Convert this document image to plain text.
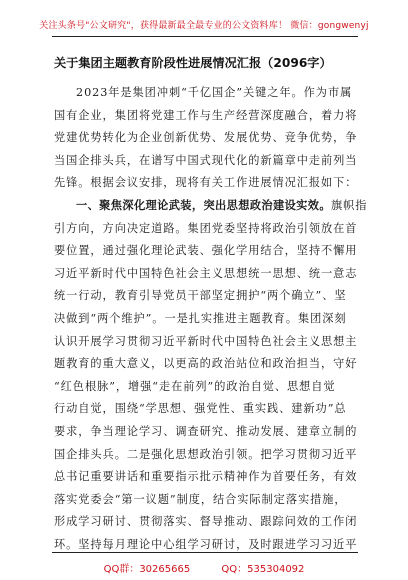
关注头条号"公文研究"，获得最新最全最专业的公文资料库！ 微信：gongwenyj
关于集团主题教育阶段性进展情况汇报（2096字）
2023年是集团冲刺“千亿国企”关键之年。作为市属
国有企业，集团将党建工作与生产经营深度融合，着力将
党建优势转化为企业创新优势、发展优势、竞争优势，争
当国企排头兵，在谱写中国式现代化的新篇章中走前列当
先锋。根据会议安排，现将有关工作进展情况汇报如下：
一、聚焦深化理论武装，突出思想政治建设实效。旗帜指
引方向，方向决定道路。集团党委坚持将政治引领放在首
要位置，通过强化理论武装、强化学用结合，坚持不懈用
习近平新时代中国特色社会主义思想统一思想、统一意志
统一行动，教育引导党员干部坚定拥护“两个确立”、坚
决做到“两个维护”。一是扎实推进主题教育。集团深刻
认识开展学习贯彻习近平新时代中国特色社会主义思想主
题教育的重大意义，以更高的政治站位和政治担当，守好
“红色根脉”，增强“走在前列”的政治自觉、思想自觉
行动自觉，围绕“学思想、强党性、重实践、建新功”总
要求，争当理论学习、调查研究、推动发展、建章立制的
国企排头兵。二是强化思想政治引领。把学习贯彻习近平
总书记重要讲话和重要指示批示精神作为首要任务，有效
落实党委会“第一议题”制度，结合实际制定落实措施，
形成学习研讨、贯彻落实、督导推动、跟踪问效的工作闭
环。坚持每月理论中心组学习研讨，及时跟进学习习近平
QQ群：30265665	QQ：535304092
